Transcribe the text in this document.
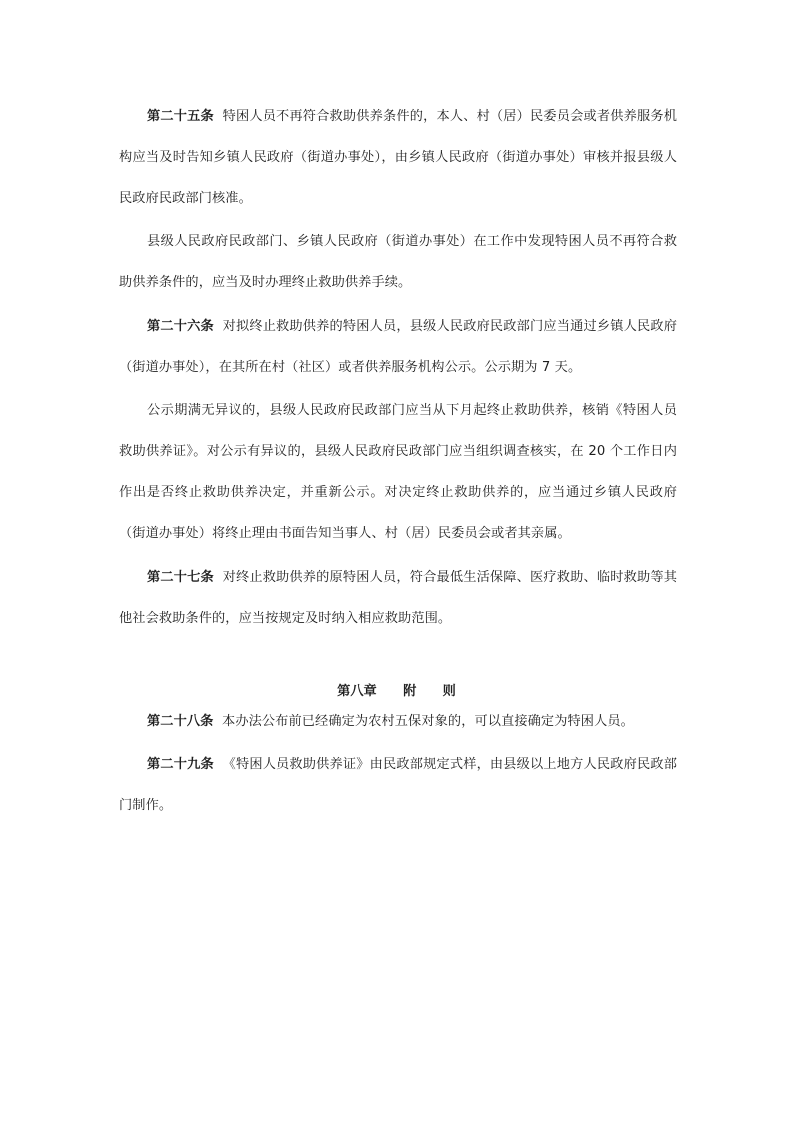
第二十五条 特困人员不再符合救助供养条件的，本人、村（居）民委员会或者供养服务机构应当及时告知乡镇人民政府（街道办事处），由乡镇人民政府（街道办事处）审核并报县级人民政府民政部门核准。

县级人民政府民政部门、乡镇人民政府（街道办事处）在工作中发现特困人员不再符合救助供养条件的，应当及时办理终止救助供养手续。

第二十六条 对拟终止救助供养的特困人员，县级人民政府民政部门应当通过乡镇人民政府（街道办事处），在其所在村（社区）或者供养服务机构公示。公示期为 7 天。

公示期满无异议的，县级人民政府民政部门应当从下月起终止救助供养，核销《特困人员救助供养证》。对公示有异议的，县级人民政府民政部门应当组织调查核实，在 20 个工作日内作出是否终止救助供养决定，并重新公示。对决定终止救助供养的，应当通过乡镇人民政府（街道办事处）将终止理由书面告知当事人、村（居）民委员会或者其亲属。

第二十七条 对终止救助供养的原特困人员，符合最低生活保障、医疗救助、临时救助等其他社会救助条件的，应当按规定及时纳入相应救助范围。

第八章　　附　　则

第二十八条 本办法公布前已经确定为农村五保对象的，可以直接确定为特困人员。

第二十九条 《特困人员救助供养证》由民政部规定式样，由县级以上地方人民政府民政部门制作。
